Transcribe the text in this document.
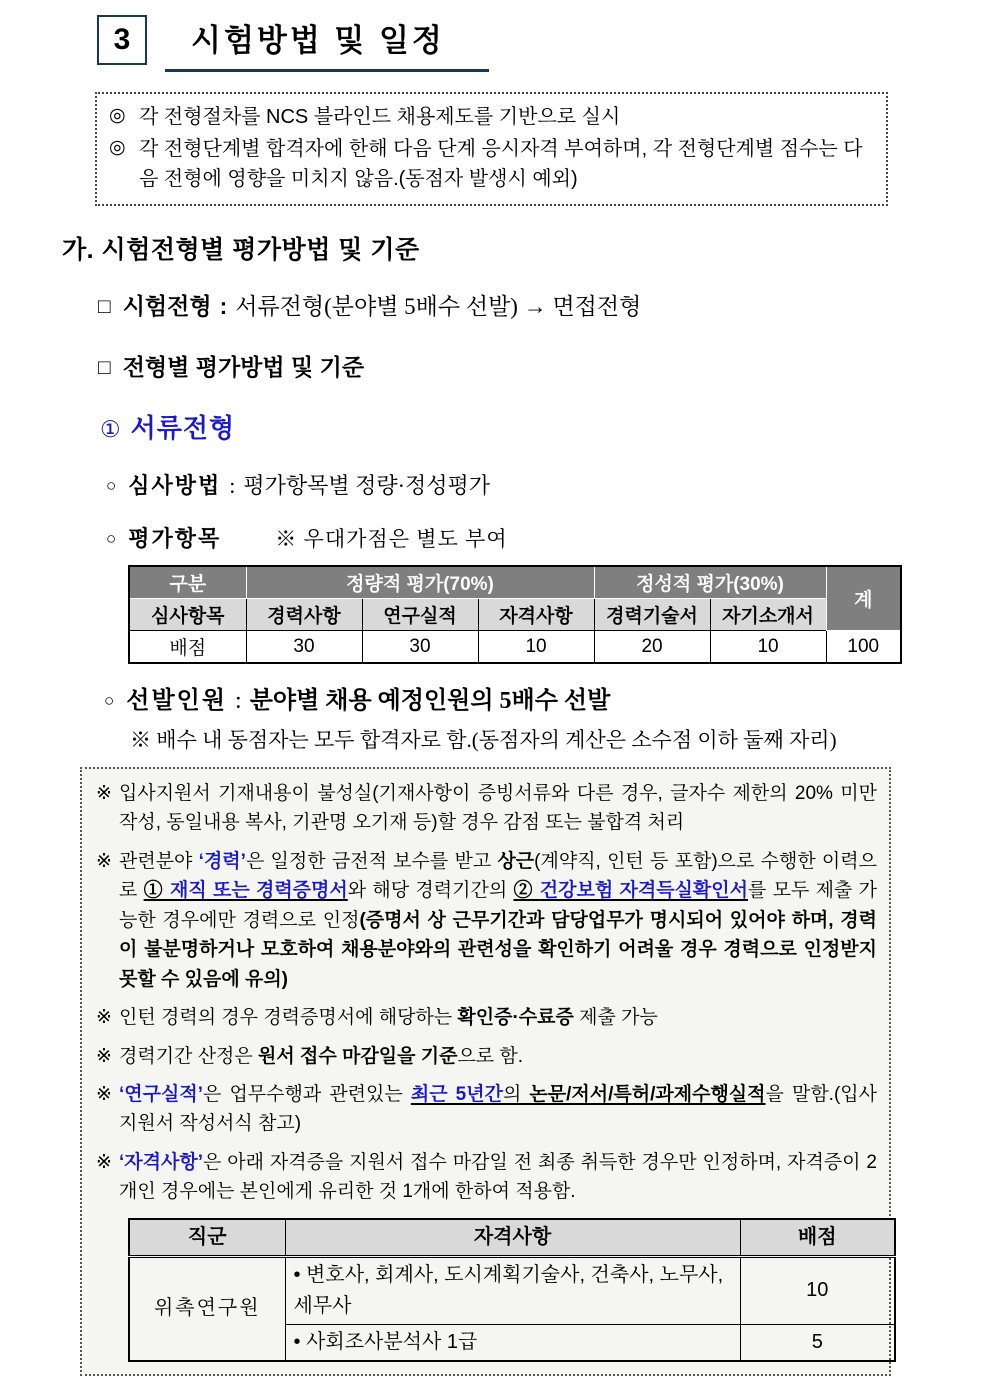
3	시험방법 및 일정
◎ 각 전형절차를 NCS 블라인드 채용제도를 기반으로 실시
◎ 각 전형단계별 합격자에 한해 다음 단계 응시자격 부여하며, 각 전형단계별 점수는 다음 전형에 영향을 미치지 않음.(동점자 발생시 예외)
가. 시험전형별 평가방법 및 기준
□ 시험전형 : 서류전형(분야별 5배수 선발) → 면접전형
□ 전형별 평가방법 및 기준
① 서류전형
○ 심사방법 : 평가항목별 정량·정성평가
○ 평가항목	※ 우대가점은 별도 부여
구분	정량적 평가(70%)			정성적 평가(30%)		계
심사항목	경력사항	연구실적	자격사항	경력기술서	자기소개서	
배점	30	30	10	20	10	100
○ 선발인원 : 분야별 채용 예정인원의 5배수 선발
※ 배수 내 동점자는 모두 합격자로 함.(동점자의 계산은 소수점 이하 둘째 자리)
※ 입사지원서 기재내용이 불성실(기재사항이 증빙서류와 다른 경우, 글자수 제한의 20% 미만 작성, 동일내용 복사, 기관명 오기재 등)할 경우 감점 또는 불합격 처리
※ 관련분야 ‘경력’은 일정한 금전적 보수를 받고 상근(계약직, 인턴 등 포함)으로 수행한 이력으로 ① 재직 또는 경력증명서와 해당 경력기간의 ② 건강보험 자격득실확인서를 모두 제출 가능한 경우에만 경력으로 인정(증명서 상 근무기간과 담당업무가 명시되어 있어야 하며, 경력이 불분명하거나 모호하여 채용분야와의 관련성을 확인하기 어려울 경우 경력으로 인정받지 못할 수 있음에 유의)
※ 인턴 경력의 경우 경력증명서에 해당하는 확인증·수료증 제출 가능
※ 경력기간 산정은 원서 접수 마감일을 기준으로 함.
※ ‘연구실적’은 업무수행과 관련있는 최근 5년간의 논문/저서/특허/과제수행실적을 말함.(입사지원서 작성서식 참고)
※ ‘자격사항’은 아래 자격증을 지원서 접수 마감일 전 최종 취득한 경우만 인정하며, 자격증이 2개인 경우에는 본인에게 유리한 것 1개에 한하여 적용함.
직군	자격사항	배점
위촉연구원	• 변호사, 회계사, 도시계획기술사, 건축사, 노무사, 세무사	10
	• 사회조사분석사 1급	5
